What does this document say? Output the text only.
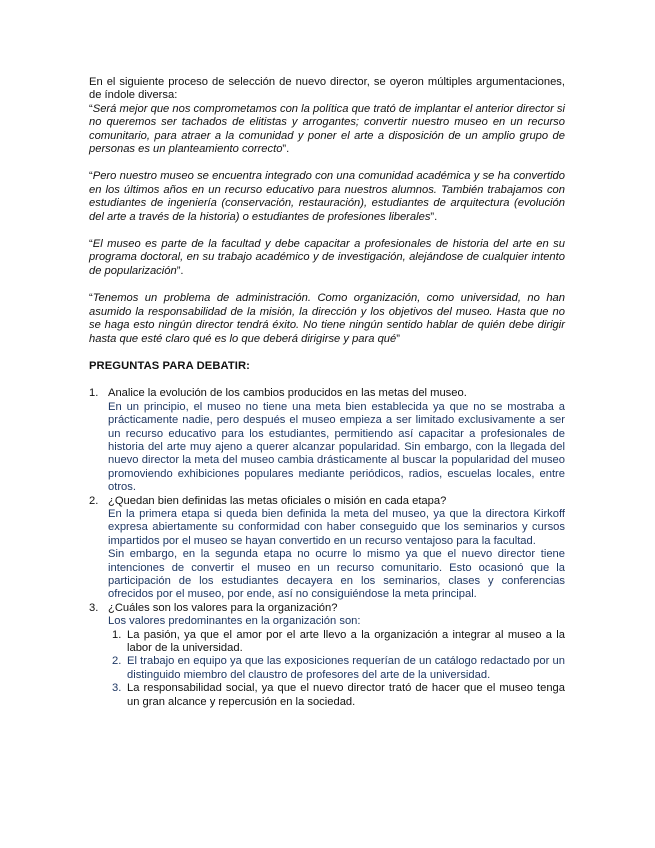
En el siguiente proceso de selección de nuevo director, se oyeron múltiples argumentaciones, de índole diversa:

“Será mejor que nos comprometamos con la política que trató de implantar el anterior director si no queremos ser tachados de elitistas y arrogantes; convertir nuestro museo en un recurso comunitario, para atraer a la comunidad y poner el arte a disposición de un amplio grupo de personas es un planteamiento correcto”.

“Pero nuestro museo se encuentra integrado con una comunidad académica y se ha convertido en los últimos años en un recurso educativo para nuestros alumnos. También trabajamos con estudiantes de ingeniería (conservación, restauración), estudiantes de arquitectura (evolución del arte a través de la historia) o estudiantes de profesiones liberales”.

“El museo es parte de la facultad y debe capacitar a profesionales de historia del arte en su programa doctoral, en su trabajo académico y de investigación, alejándose de cualquier intento de popularización”.

“Tenemos un problema de administración. Como organización, como universidad, no han asumido la responsabilidad de la misión, la dirección y los objetivos del museo. Hasta que no se haga esto ningún director tendrá éxito. No tiene ningún sentido hablar de quién debe dirigir hasta que esté claro qué es lo que deberá dirigirse y para qué”

PREGUNTAS PARA DEBATIR:

1. Analice la evolución de los cambios producidos en las metas del museo.

En un principio, el museo no tiene una meta bien establecida ya que no se mostraba a prácticamente nadie, pero después el museo empieza a ser limitado exclusivamente a ser un recurso educativo para los estudiantes, permitiendo así capacitar a profesionales de historia del arte muy ajeno a querer alcanzar popularidad. Sin embargo, con la llegada del nuevo director la meta del museo cambia drásticamente al buscar la popularidad del museo promoviendo exhibiciones populares mediante periódicos, radios, escuelas locales, entre otros.

2. ¿Quedan bien definidas las metas oficiales o misión en cada etapa?

En la primera etapa si queda bien definida la meta del museo, ya que la directora Kirkoff expresa abiertamente su conformidad con haber conseguido que los seminarios y cursos impartidos por el museo se hayan convertido en un recurso ventajoso para la facultad.

Sin embargo, en la segunda etapa no ocurre lo mismo ya que el nuevo director tiene intenciones de convertir el museo en un recurso comunitario. Esto ocasionó que la participación de los estudiantes decayera en los seminarios, clases y conferencias ofrecidos por el museo, por ende, así no consiguiéndose la meta principal.

3. ¿Cuáles son los valores para la organización?

Los valores predominantes en la organización son:

1. La pasión, ya que el amor por el arte llevo a la organización a integrar al museo a la labor de la universidad.
2. El trabajo en equipo ya que las exposiciones requerían de un catálogo redactado por un distinguido miembro del claustro de profesores del arte de la universidad.
3. La responsabilidad social, ya que el nuevo director trató de hacer que el museo tenga un gran alcance y repercusión en la sociedad.
